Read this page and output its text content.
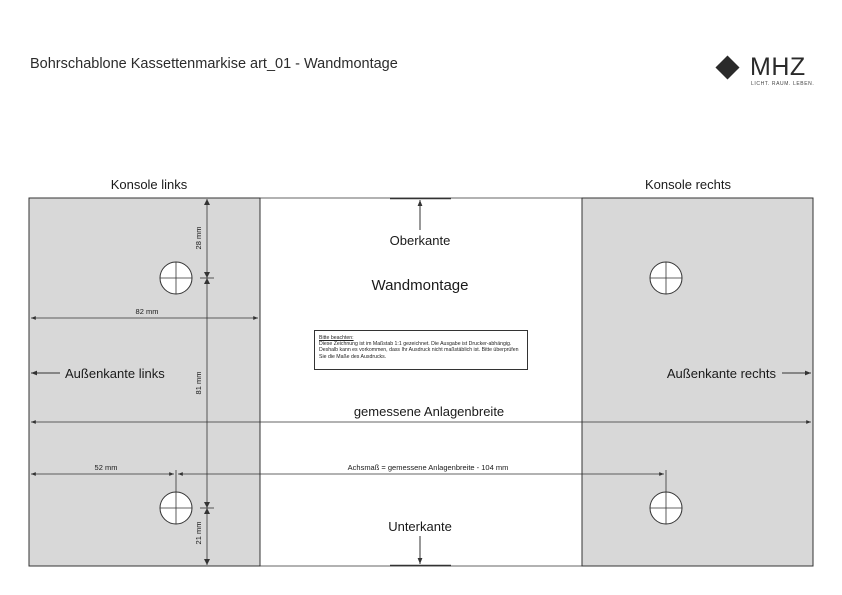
Bohrschablone Kassettenmarkise art_01 - Wandmontage	MHZ
LICHT. RAUM. LEBEN.
Konsole links	Konsole rechts
Oberkante
Wandmontage
Unterkante
28 mm
81 mm
21 mm
82 mm
Außenkante links	Außenkante rechts
gemessene Anlagenbreite
52 mm	Achsmaß = gemessene Anlagenbreite - 104 mm
Bitte beachten:
Diese Zeichnung ist im Maßstab 1:1 gezeichnet. Die Ausgabe ist Drucker-abhängig. Deshalb kann es vorkommen, dass Ihr Ausdruck nicht maßstäblich ist. Bitte überprüfen Sie die Maße des Ausdrucks.
